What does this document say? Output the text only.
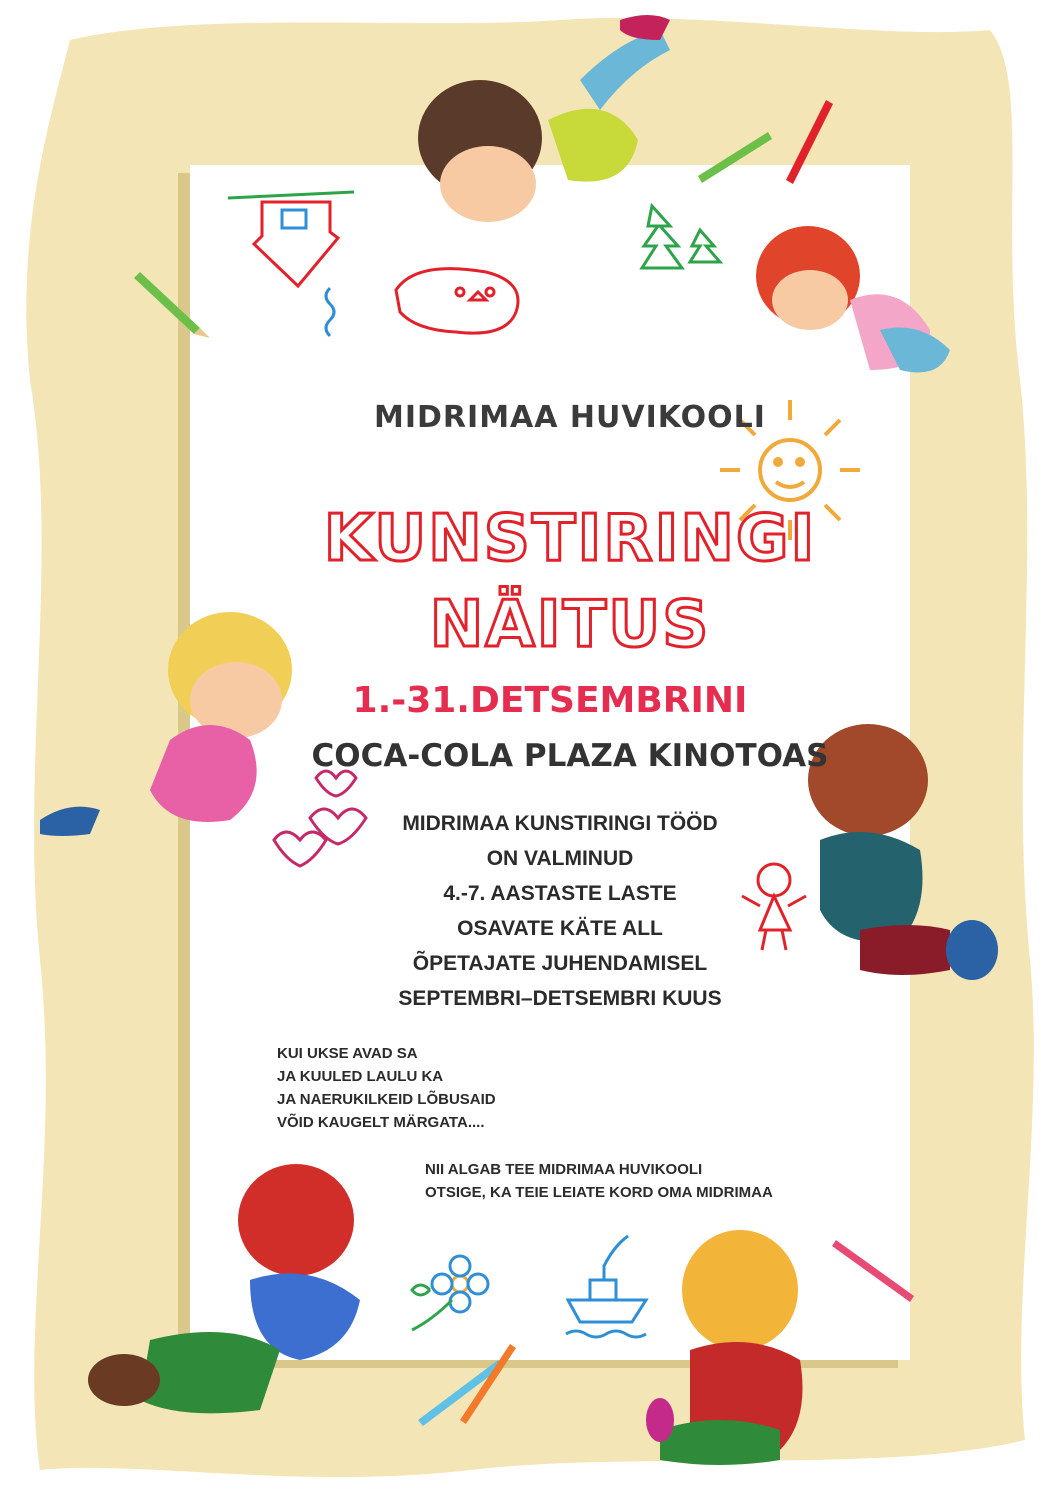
MIDRIMAA HUVIKOOLI

KUNSTIRINGI

NÄITUS

1.-31.DETSEMBRINI

COCA-COLA PLAZA KINOTOAS

MIDRIMAA KUNSTIRINGI TÖÖD
ON VALMINUD
4.-7. AASTASTE LASTE
OSAVATE KÄTE ALL
ÕPETAJATE JUHENDAMISEL
SEPTEMBRI–DETSEMBRI KUUS
KUI UKSE AVAD SA
JA KUULED LAULU KA
JA NAERUKILKEID LÕBUSAID
VÕID KAUGELT MÄRGATA....
NII ALGAB TEE MIDRIMAA HUVIKOOLI
OTSIGE, KA TEIE LEIATE KORD OMA MIDRIMAA
